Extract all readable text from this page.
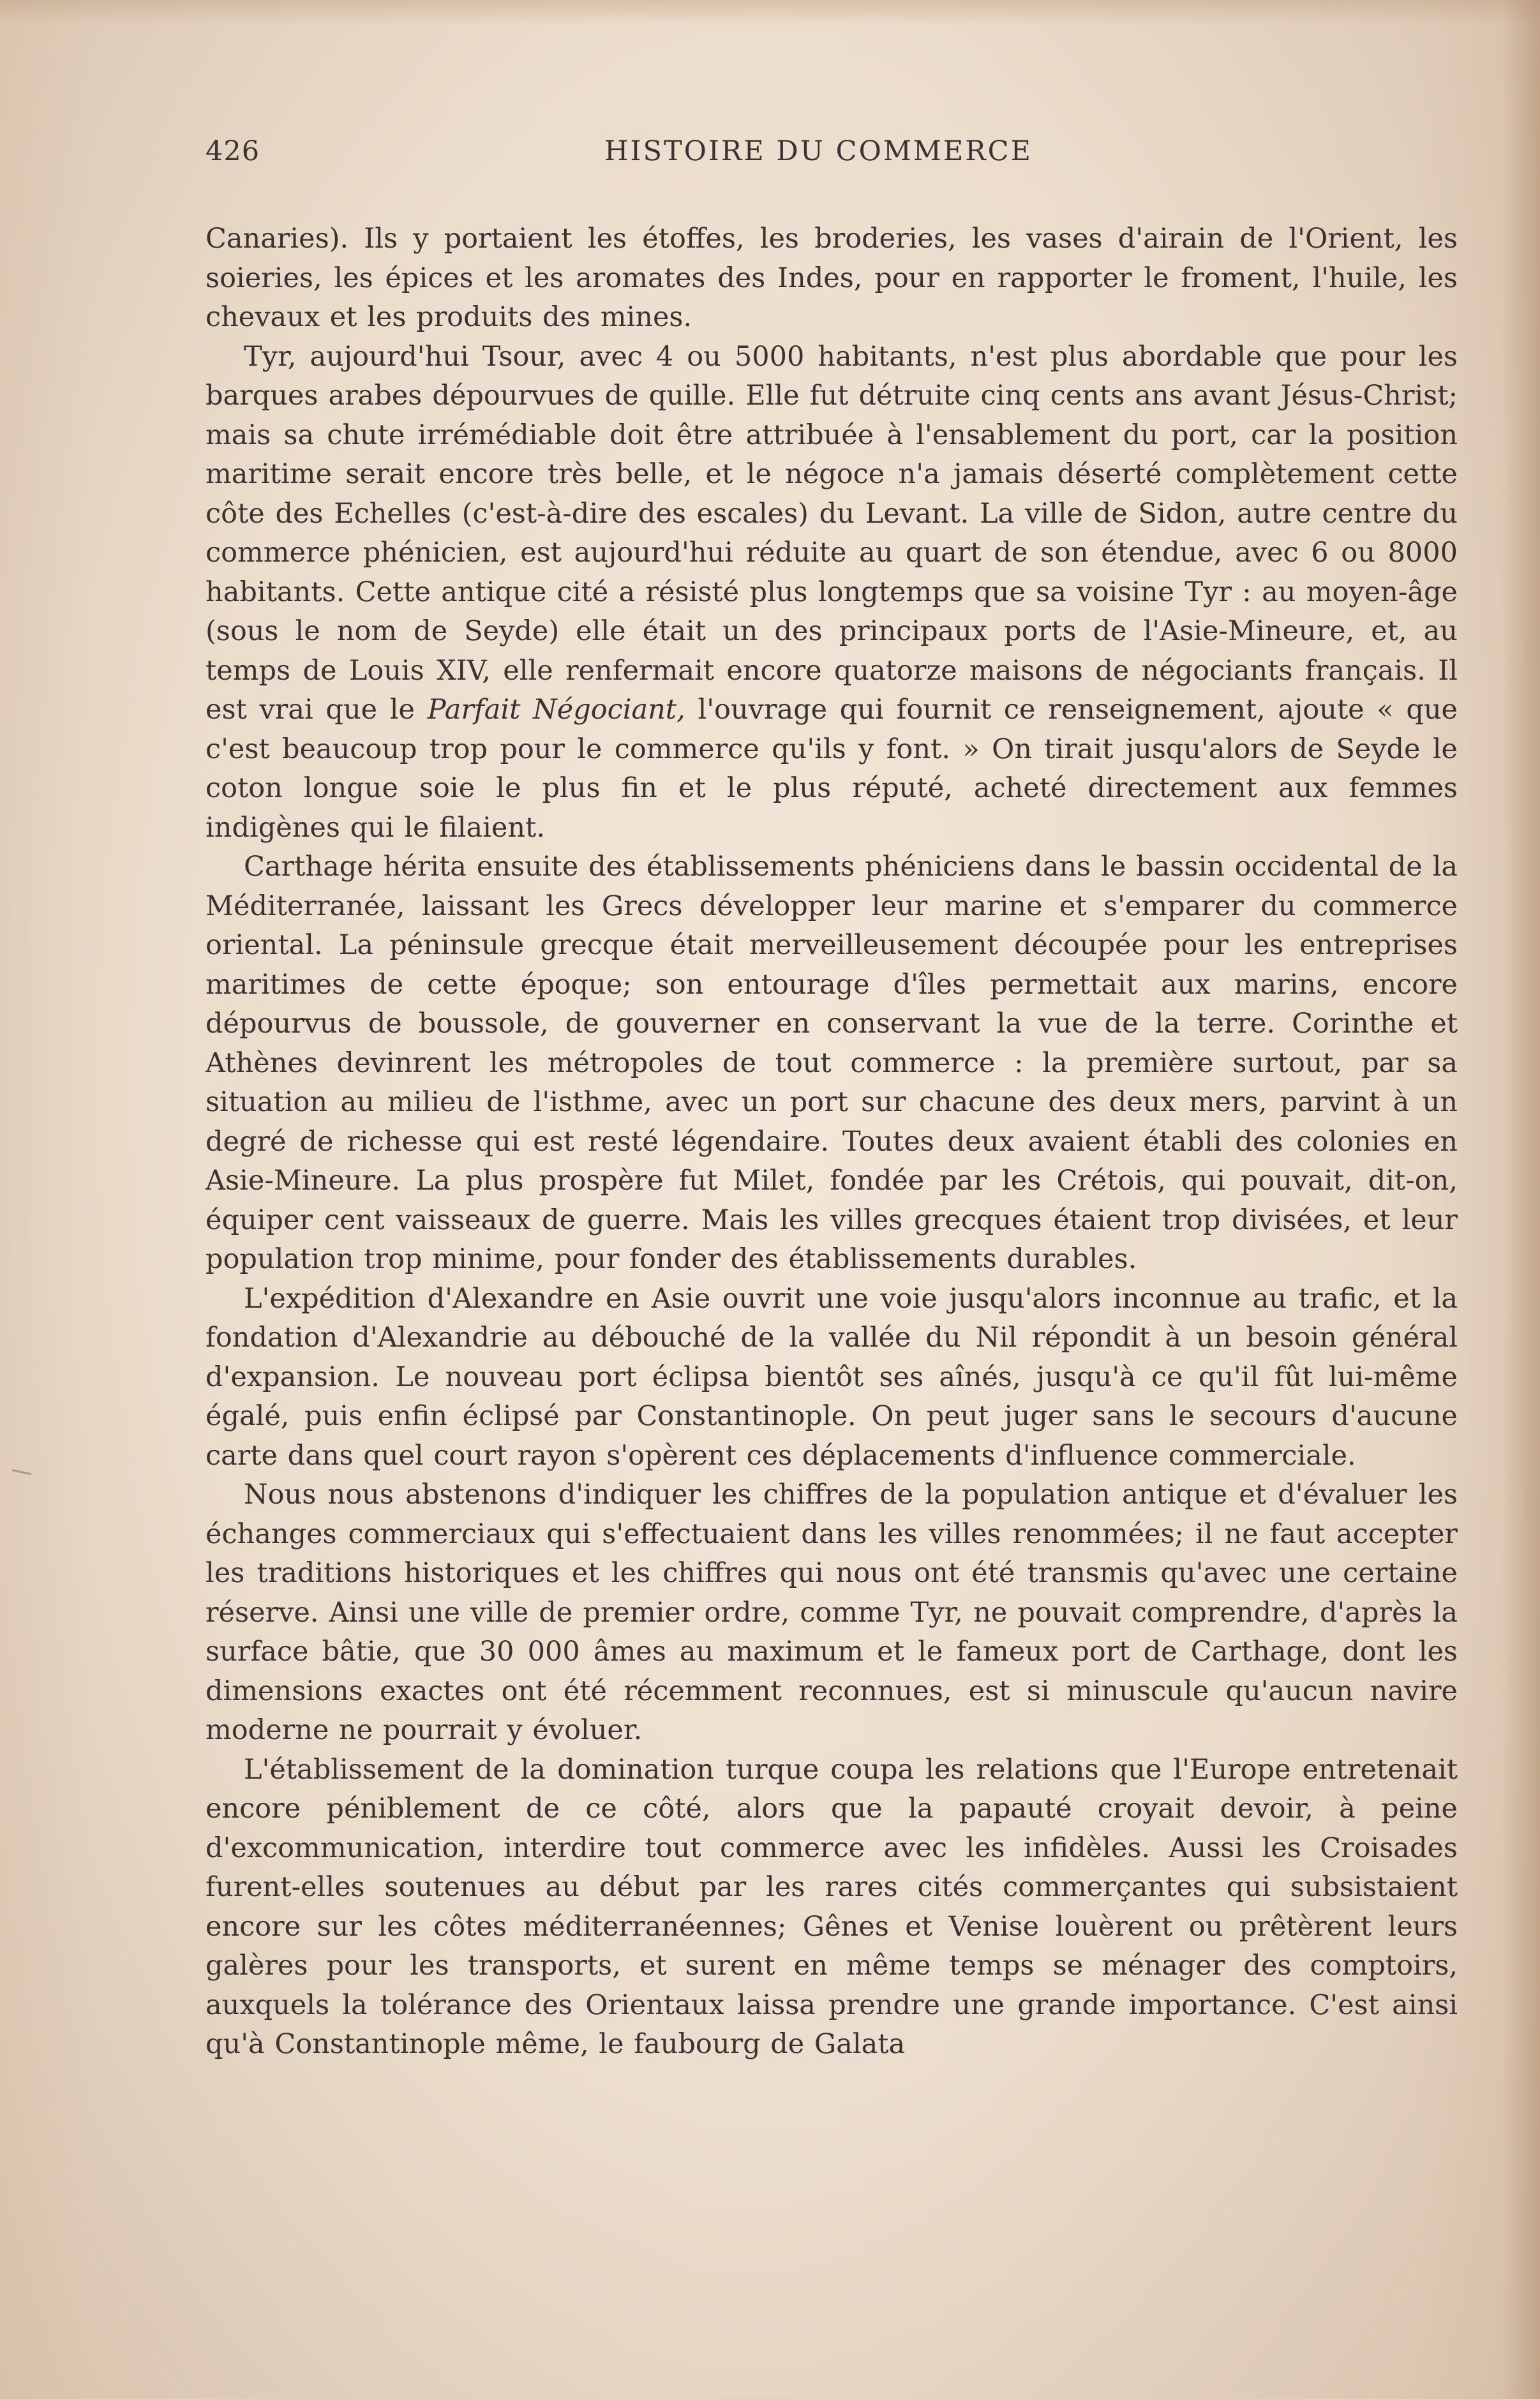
426	HISTOIRE DU COMMERCE

Canaries). Ils y portaient les étoffes, les broderies, les vases d'airain de l'Orient, les soieries, les épices et les aromates des Indes, pour en rapporter le froment, l'huile, les chevaux et les produits des mines.

Tyr, aujourd'hui Tsour, avec 4 ou 5000 habitants, n'est plus abordable que pour les barques arabes dépourvues de quille. Elle fut détruite cinq cents ans avant Jésus-Christ; mais sa chute irrémédiable doit être attribuée à l'ensablement du port, car la position maritime serait encore très belle, et le négoce n'a jamais déserté complètement cette côte des Echelles (c'est-à-dire des escales) du Levant. La ville de Sidon, autre centre du commerce phénicien, est aujourd'hui réduite au quart de son étendue, avec 6 ou 8000 habitants. Cette antique cité a résisté plus longtemps que sa voisine Tyr : au moyen-âge (sous le nom de Seyde) elle était un des principaux ports de l'Asie-Mineure, et, au temps de Louis XIV, elle renfermait encore quatorze maisons de négociants français. Il est vrai que le Parfait Négociant, l'ouvrage qui fournit ce renseignement, ajoute « que c'est beaucoup trop pour le commerce qu'ils y font. » On tirait jusqu'alors de Seyde le coton longue soie le plus fin et le plus réputé, acheté directement aux femmes indigènes qui le filaient.

Carthage hérita ensuite des établissements phéniciens dans le bassin occidental de la Méditerranée, laissant les Grecs développer leur marine et s'emparer du commerce oriental. La péninsule grecque était merveilleusement découpée pour les entreprises maritimes de cette époque; son entourage d'îles permettait aux marins, encore dépourvus de boussole, de gouverner en conservant la vue de la terre. Corinthe et Athènes devinrent les métropoles de tout commerce : la première surtout, par sa situation au milieu de l'isthme, avec un port sur chacune des deux mers, parvint à un degré de richesse qui est resté légendaire. Toutes deux avaient établi des colonies en Asie-Mineure. La plus prospère fut Milet, fondée par les Crétois, qui pouvait, dit-on, équiper cent vaisseaux de guerre. Mais les villes grecques étaient trop divisées, et leur population trop minime, pour fonder des établissements durables.

L'expédition d'Alexandre en Asie ouvrit une voie jusqu'alors inconnue au trafic, et la fondation d'Alexandrie au débouché de la vallée du Nil répondit à un besoin général d'expansion. Le nouveau port éclipsa bientôt ses aînés, jusqu'à ce qu'il fût lui-même égalé, puis enfin éclipsé par Constantinople. On peut juger sans le secours d'aucune carte dans quel court rayon s'opèrent ces déplacements d'influence commerciale.

Nous nous abstenons d'indiquer les chiffres de la population antique et d'évaluer les échanges commerciaux qui s'effectuaient dans les villes renommées; il ne faut accepter les traditions historiques et les chiffres qui nous ont été transmis qu'avec une certaine réserve. Ainsi une ville de premier ordre, comme Tyr, ne pouvait comprendre, d'après la surface bâtie, que 30 000 âmes au maximum et le fameux port de Carthage, dont les dimensions exactes ont été récemment reconnues, est si minuscule qu'aucun navire moderne ne pourrait y évoluer.

L'établissement de la domination turque coupa les relations que l'Europe entretenait encore péniblement de ce côté, alors que la papauté croyait devoir, à peine d'excommunication, interdire tout commerce avec les infidèles. Aussi les Croisades furent-elles soutenues au début par les rares cités commerçantes qui subsistaient encore sur les côtes méditerranéennes; Gênes et Venise louèrent ou prêtèrent leurs galères pour les transports, et surent en même temps se ménager des comptoirs, auxquels la tolérance des Orientaux laissa prendre une grande importance. C'est ainsi qu'à Constantinople même, le faubourg de Galata
